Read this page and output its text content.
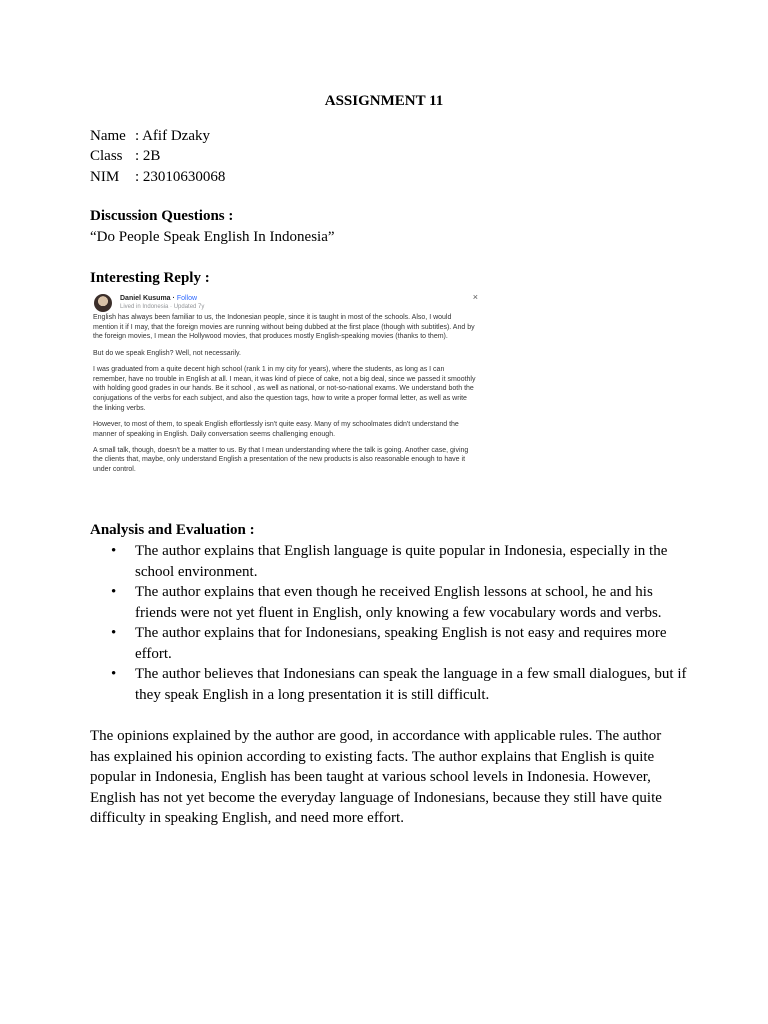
ASSIGNMENT 11
Name : Afif Dzaky
Class : 2B
NIM	: 23010630068
Discussion Questions :
“Do People Speak English In Indonesia”
Interesting Reply :
Daniel Kusuma · Follow
Lived in Indonesia · Updated 7y
×

English has always been familiar to us, the Indonesian people, since it is taught in most of the schools. Also, I would mention it if I may, that the foreign movies are running without being dubbed at the first place (though with subtitles). And by the foreign movies, I mean the Hollywood movies, that produces mostly English-speaking movies (thanks to them).

But do we speak English? Well, not necessarily.

I was graduated from a quite decent high school (rank 1 in my city for years), where the students, as long as I can remember, have no trouble in English at all. I mean, it was kind of piece of cake, not a big deal, since we passed it smoothly with holding good grades in our hands. Be it school , as well as national, or not-so-national exams. We understand both the conjugations of the verbs for each subject, and also the question tags, how to write a proper formal letter, as well as write the linking verbs.

However, to most of them, to speak English effortlessly isn't quite easy. Many of my schoolmates didn't understand the manner of speaking in English. Daily conversation seems challenging enough.

A small talk, though, doesn't be a matter to us. By that I mean understanding where the talk is going. Another case, giving the clients that, maybe, only understand English a presentation of the new products is also reasonable enough to have it under control.

Analysis and Evaluation :
• The author explains that English language is quite popular in Indonesia, especially in the school environment.
• The author explains that even though he received English lessons at school, he and his friends were not yet fluent in English, only knowing a few vocabulary words and verbs.
• The author explains that for Indonesians, speaking English is not easy and requires more effort.
• The author believes that Indonesians can speak the language in a few small dialogues, but if they speak English in a long presentation it is still difficult.
The opinions explained by the author are good, in accordance with applicable rules. The author has explained his opinion according to existing facts. The author explains that English is quite popular in Indonesia, English has been taught at various school levels in Indonesia. However, English has not yet become the everyday language of Indonesians, because they still have quite difficulty in speaking English, and need more effort.
